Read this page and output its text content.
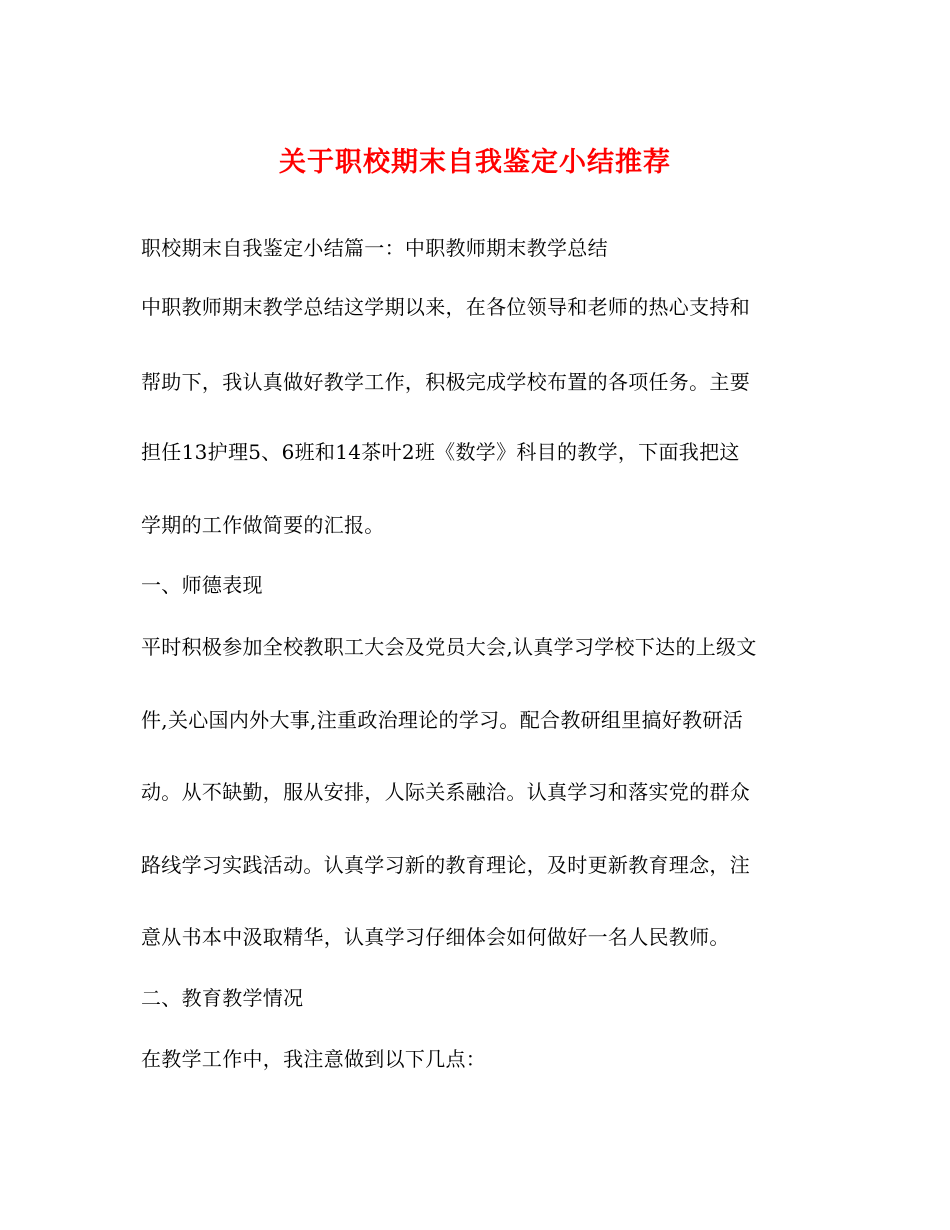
关于职校期末自我鉴定小结推荐
职校期末自我鉴定小结篇一：中职教师期末教学总结
中职教师期末教学总结这学期以来，在各位领导和老师的热心支持和
帮助下，我认真做好教学工作，积极完成学校布置的各项任务。主要
担任13护理5、6班和14茶叶2班《数学》科目的教学，下面我把这
学期的工作做简要的汇报。
一、师德表现
平时积极参加全校教职工大会及党员大会,认真学习学校下达的上级文
件,关心国内外大事,注重政治理论的学习。配合教研组里搞好教研活
动。从不缺勤，服从安排，人际关系融洽。认真学习和落实党的群众
路线学习实践活动。认真学习新的教育理论，及时更新教育理念，注
意从书本中汲取精华，认真学习仔细体会如何做好一名人民教师。
二、教育教学情况
在教学工作中，我注意做到以下几点：
